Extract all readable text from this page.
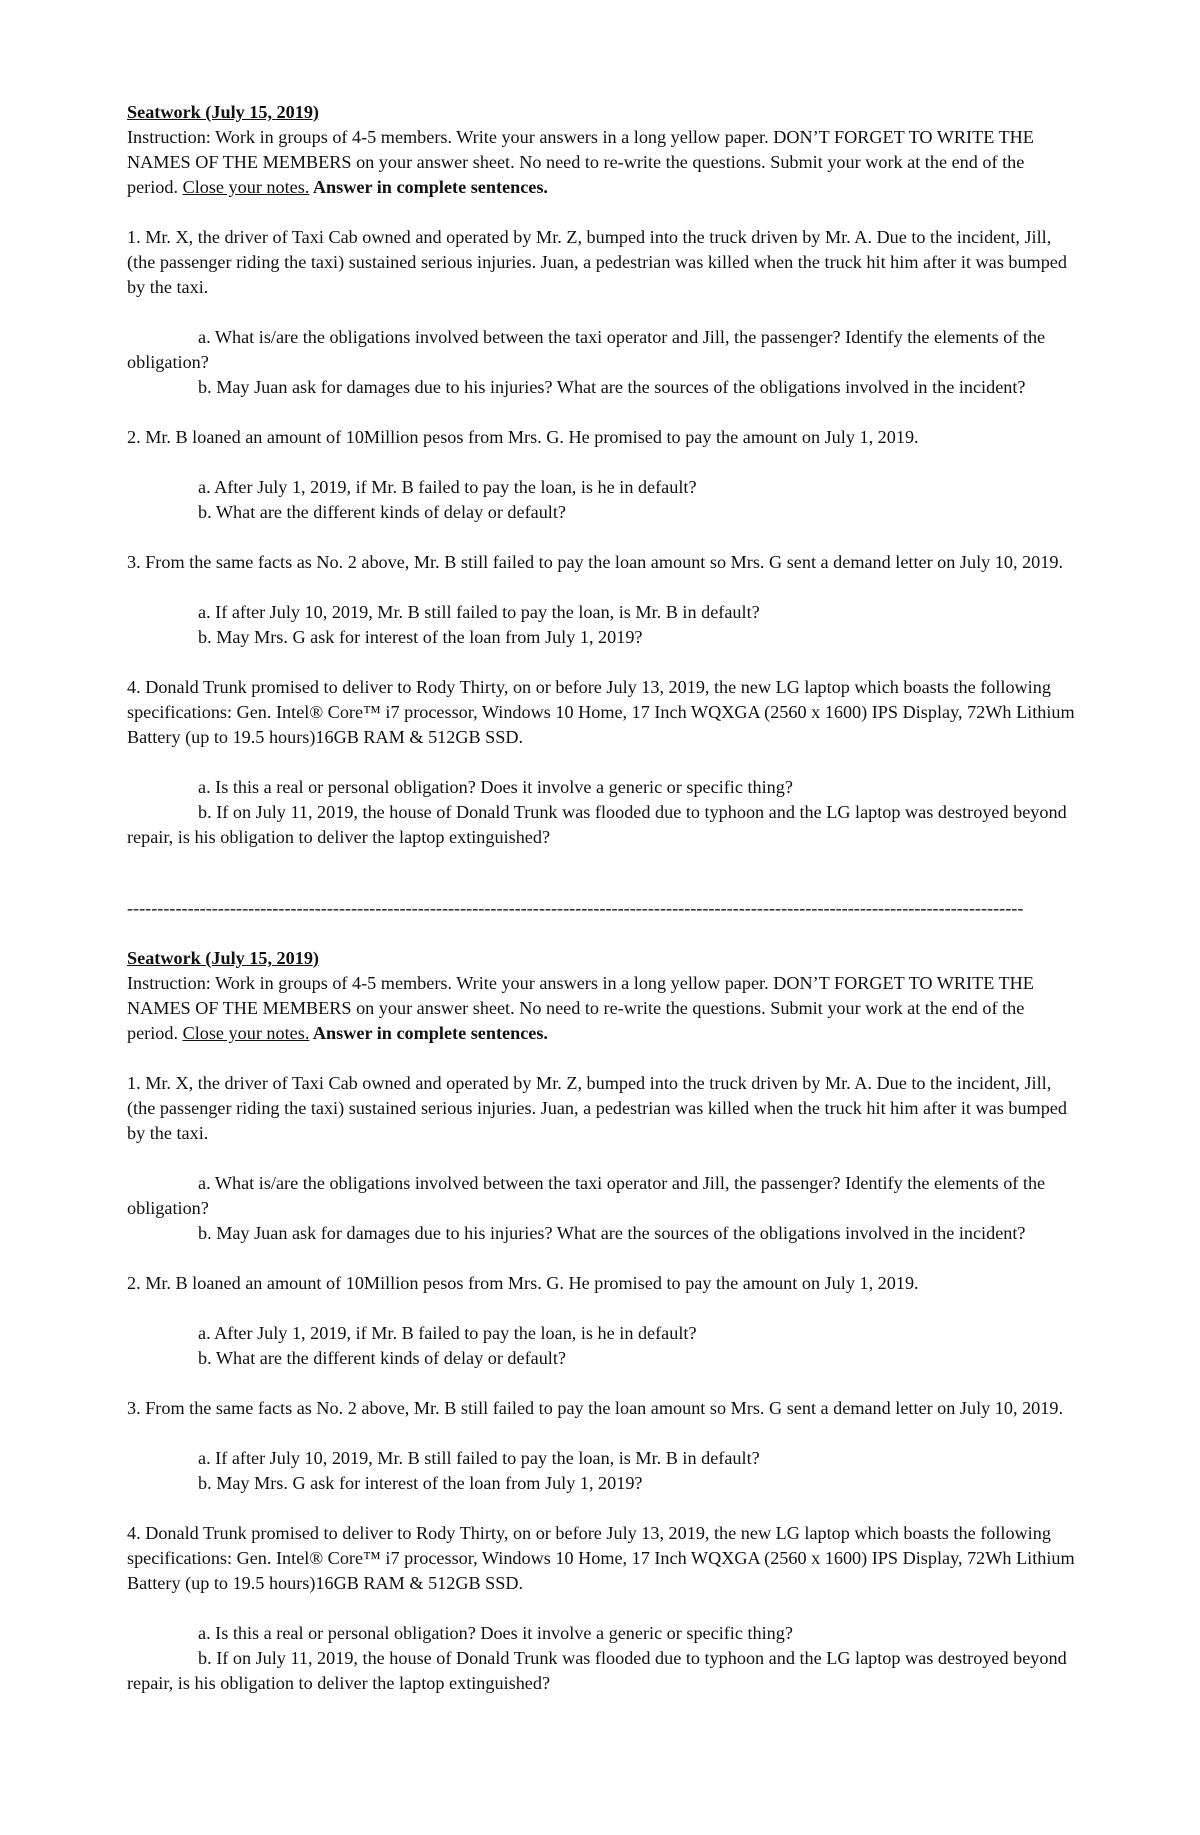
Seatwork (July 15, 2019)

Instruction: Work in groups of 4-5 members. Write your answers in a long yellow paper. DON’T FORGET TO WRITE THE NAMES OF THE MEMBERS on your answer sheet. No need to re-write the questions. Submit your work at the end of the period. Close your notes. Answer in complete sentences.

1. Mr. X, the driver of Taxi Cab owned and operated by Mr. Z, bumped into the truck driven by Mr. A. Due to the incident, Jill, (the passenger riding the taxi) sustained serious injuries. Juan, a pedestrian was killed when the truck hit him after it was bumped by the taxi.

a. What is/are the obligations involved between the taxi operator and Jill, the passenger? Identify the elements of the obligation?

b. May Juan ask for damages due to his injuries? What are the sources of the obligations involved in the incident?

2. Mr. B loaned an amount of 10Million pesos from Mrs. G. He promised to pay the amount on July 1, 2019.

a. After July 1, 2019, if Mr. B failed to pay the loan, is he in default?

b. What are the different kinds of delay or default?

3. From the same facts as No. 2 above, Mr. B still failed to pay the loan amount so Mrs. G sent a demand letter on July 10, 2019.

a. If after July 10, 2019, Mr. B still failed to pay the loan, is Mr. B in default?

b. May Mrs. G ask for interest of the loan from July 1, 2019?

4. Donald Trunk promised to deliver to Rody Thirty, on or before July 13, 2019, the new LG laptop which boasts the following specifications: Gen. Intel® Core™ i7 processor, Windows 10 Home, 17 Inch WQXGA (2560 x 1600) IPS Display, 72Wh Lithium Battery (up to 19.5 hours)16GB RAM & 512GB SSD.

a. Is this a real or personal obligation? Does it involve a generic or specific thing?

b. If on July 11, 2019, the house of Donald Trunk was flooded due to typhoon and the LG laptop was destroyed beyond repair, is his obligation to deliver the laptop extinguished?

----------------------------------------------------------------------------------------------------------------------------------------------------

Seatwork (July 15, 2019)

Instruction: Work in groups of 4-5 members. Write your answers in a long yellow paper. DON’T FORGET TO WRITE THE NAMES OF THE MEMBERS on your answer sheet. No need to re-write the questions. Submit your work at the end of the period. Close your notes. Answer in complete sentences.

1. Mr. X, the driver of Taxi Cab owned and operated by Mr. Z, bumped into the truck driven by Mr. A. Due to the incident, Jill, (the passenger riding the taxi) sustained serious injuries. Juan, a pedestrian was killed when the truck hit him after it was bumped by the taxi.

a. What is/are the obligations involved between the taxi operator and Jill, the passenger? Identify the elements of the obligation?

b. May Juan ask for damages due to his injuries? What are the sources of the obligations involved in the incident?

2. Mr. B loaned an amount of 10Million pesos from Mrs. G. He promised to pay the amount on July 1, 2019.

a. After July 1, 2019, if Mr. B failed to pay the loan, is he in default?

b. What are the different kinds of delay or default?

3. From the same facts as No. 2 above, Mr. B still failed to pay the loan amount so Mrs. G sent a demand letter on July 10, 2019.

a. If after July 10, 2019, Mr. B still failed to pay the loan, is Mr. B in default?

b. May Mrs. G ask for interest of the loan from July 1, 2019?

4. Donald Trunk promised to deliver to Rody Thirty, on or before July 13, 2019, the new LG laptop which boasts the following specifications: Gen. Intel® Core™ i7 processor, Windows 10 Home, 17 Inch WQXGA (2560 x 1600) IPS Display, 72Wh Lithium Battery (up to 19.5 hours)16GB RAM & 512GB SSD.

a. Is this a real or personal obligation? Does it involve a generic or specific thing?

b. If on July 11, 2019, the house of Donald Trunk was flooded due to typhoon and the LG laptop was destroyed beyond repair, is his obligation to deliver the laptop extinguished?
